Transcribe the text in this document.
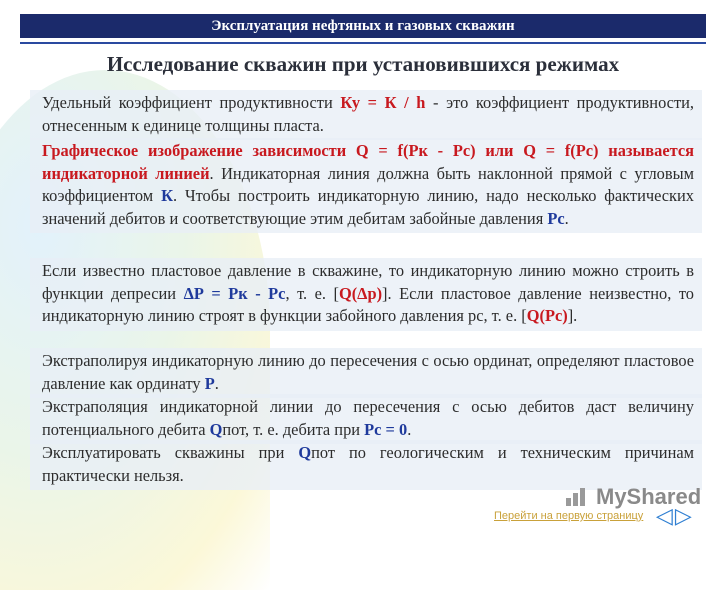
Эксплуатация нефтяных и газовых скважин
Исследование скважин при установившихся режимах
Удельный коэффициент продуктивности Ку = К / h - это коэффициент продуктивности, отнесенным к единице толщины пласта.
Графическое изображение зависимости Q = f(Рк - Рс) или Q = f(Рс) называется индикаторной линией. Индикаторная линия должна быть наклонной прямой с угловым коэффициентом К. Чтобы построить индикаторную линию, надо несколько фактических значений дебитов и соответствующие этим дебитам забойные давления Рс.
Если известно пластовое давление в скважине, то индикаторную линию можно строить в функции депресии ΔР = Рк - Рс, т. е. [Q(Δp)]. Если пластовое давление неизвестно, то индикаторную линию строят в функции забойного давления рс, т. е. [Q(Рс)].
Экстраполируя индикаторную линию до пересечения с осью ординат, определяют пластовое давление как ординату Р.
Экстраполяция индикаторной линии до пересечения с осью дебитов даст величину потенциального дебита Qпот, т. е. дебита при Рс = 0.
Эксплуатировать скважины при Qпот по геологическим и техническим причинам практически нельзя.
MyShared
Перейти на первую страницу ◁ ▷
